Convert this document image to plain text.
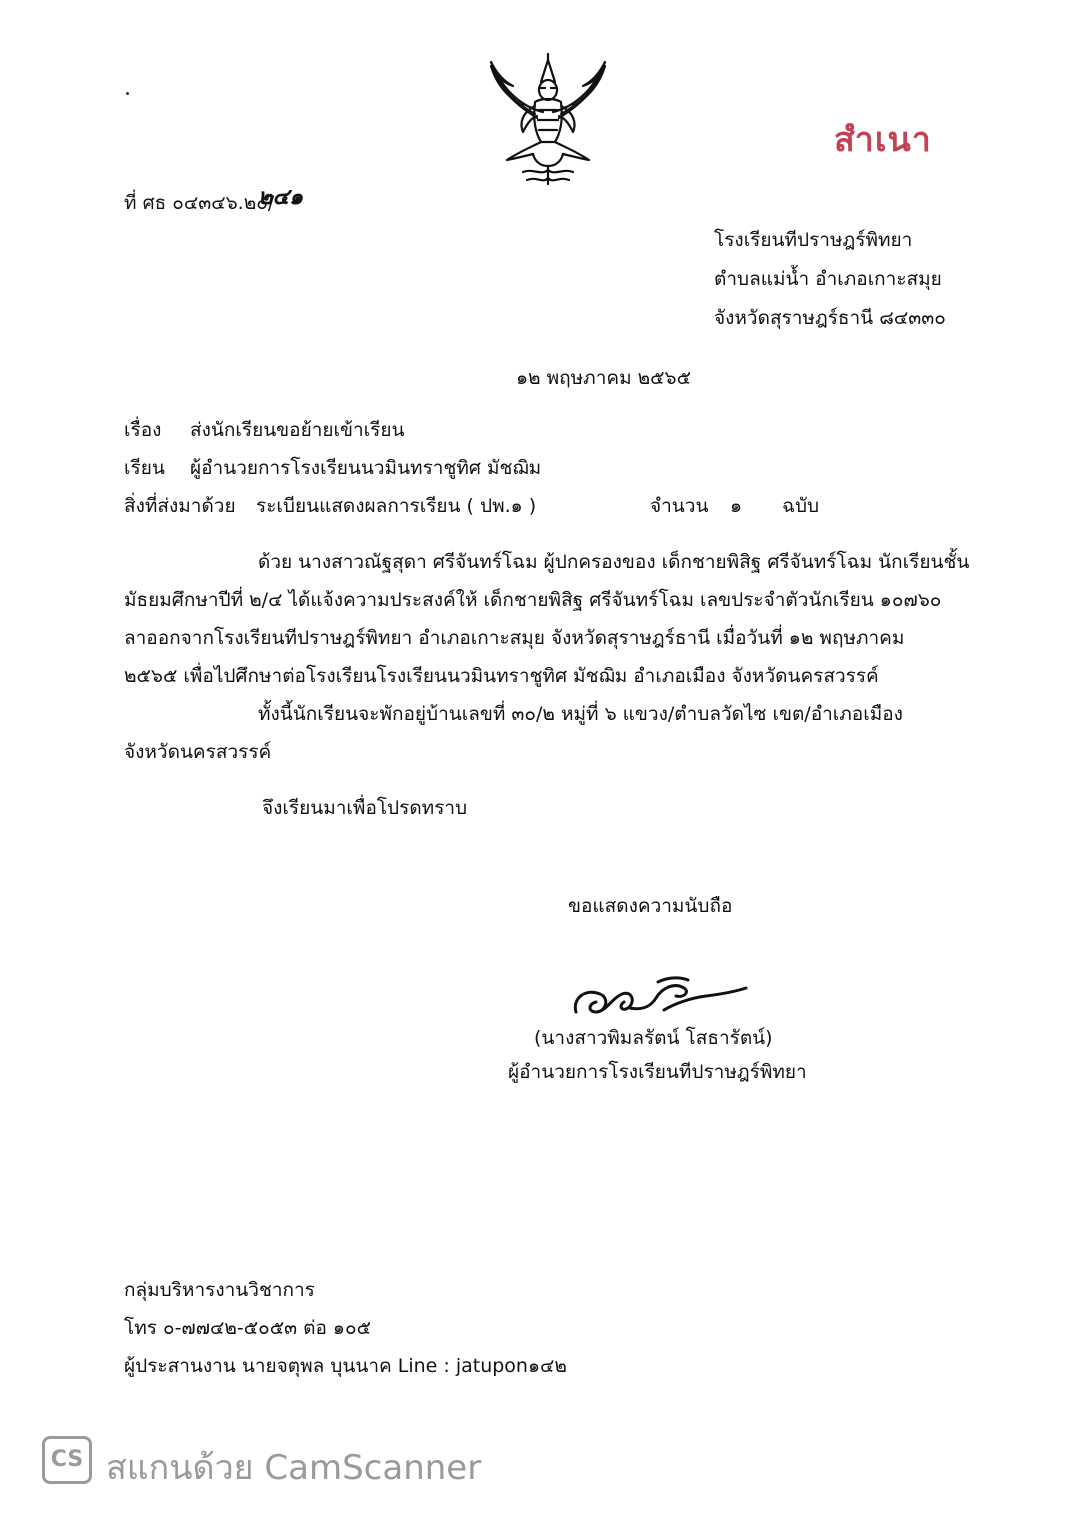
สำเนา
ที่ ศธ ๐๔๓๔๖.๒๐/
๒๔๑
โรงเรียนทีปราษฎร์พิทยา
ตำบลแม่น้ำ อำเภอเกาะสมุย
จังหวัดสุราษฎร์ธานี ๘๔๓๓๐
๑๒ พฤษภาคม ๒๕๖๕
เรื่อง ส่งนักเรียนขอย้ายเข้าเรียน
เรียน ผู้อำนวยการโรงเรียนนวมินทราชูทิศ มัชฌิม
สิ่งที่ส่งมาด้วย ระเบียนแสดงผลการเรียน ( ปพ.๑ )	จำนวน ๑ ฉบับ
ด้วย นางสาวณัฐสุดา ศรีจันทร์โฉม ผู้ปกครองของ เด็กชายพิสิฐ ศรีจันทร์โฉม นักเรียนชั้น
มัธยมศึกษาปีที่ ๒/๔ ได้แจ้งความประสงค์ให้ เด็กชายพิสิฐ ศรีจันทร์โฉม เลขประจำตัวนักเรียน ๑๐๗๖๐
ลาออกจากโรงเรียนทีปราษฎร์พิทยา อำเภอเกาะสมุย จังหวัดสุราษฎร์ธานี เมื่อวันที่ ๑๒ พฤษภาคม
๒๕๖๕ เพื่อไปศึกษาต่อโรงเรียนโรงเรียนนวมินทราชูทิศ มัชฌิม อำเภอเมือง จังหวัดนครสวรรค์
ทั้งนี้นักเรียนจะพักอยู่บ้านเลขที่ ๓๐/๒ หมู่ที่ ๖ แขวง/ตำบลวัดไซ เขต/อำเภอเมือง
จังหวัดนครสวรรค์
จึงเรียนมาเพื่อโปรดทราบ
ขอแสดงความนับถือ
(นางสาวพิมลรัตน์ โสธารัตน์)
ผู้อำนวยการโรงเรียนทีปราษฎร์พิทยา
กลุ่มบริหารงานวิชาการ
โทร ๐-๗๗๔๒-๕๐๕๓ ต่อ ๑๐๕
ผู้ประสานงาน นายจตุพล บุนนาค Line : jatupon๑๔๒
CS สแกนด้วย CamScanner
